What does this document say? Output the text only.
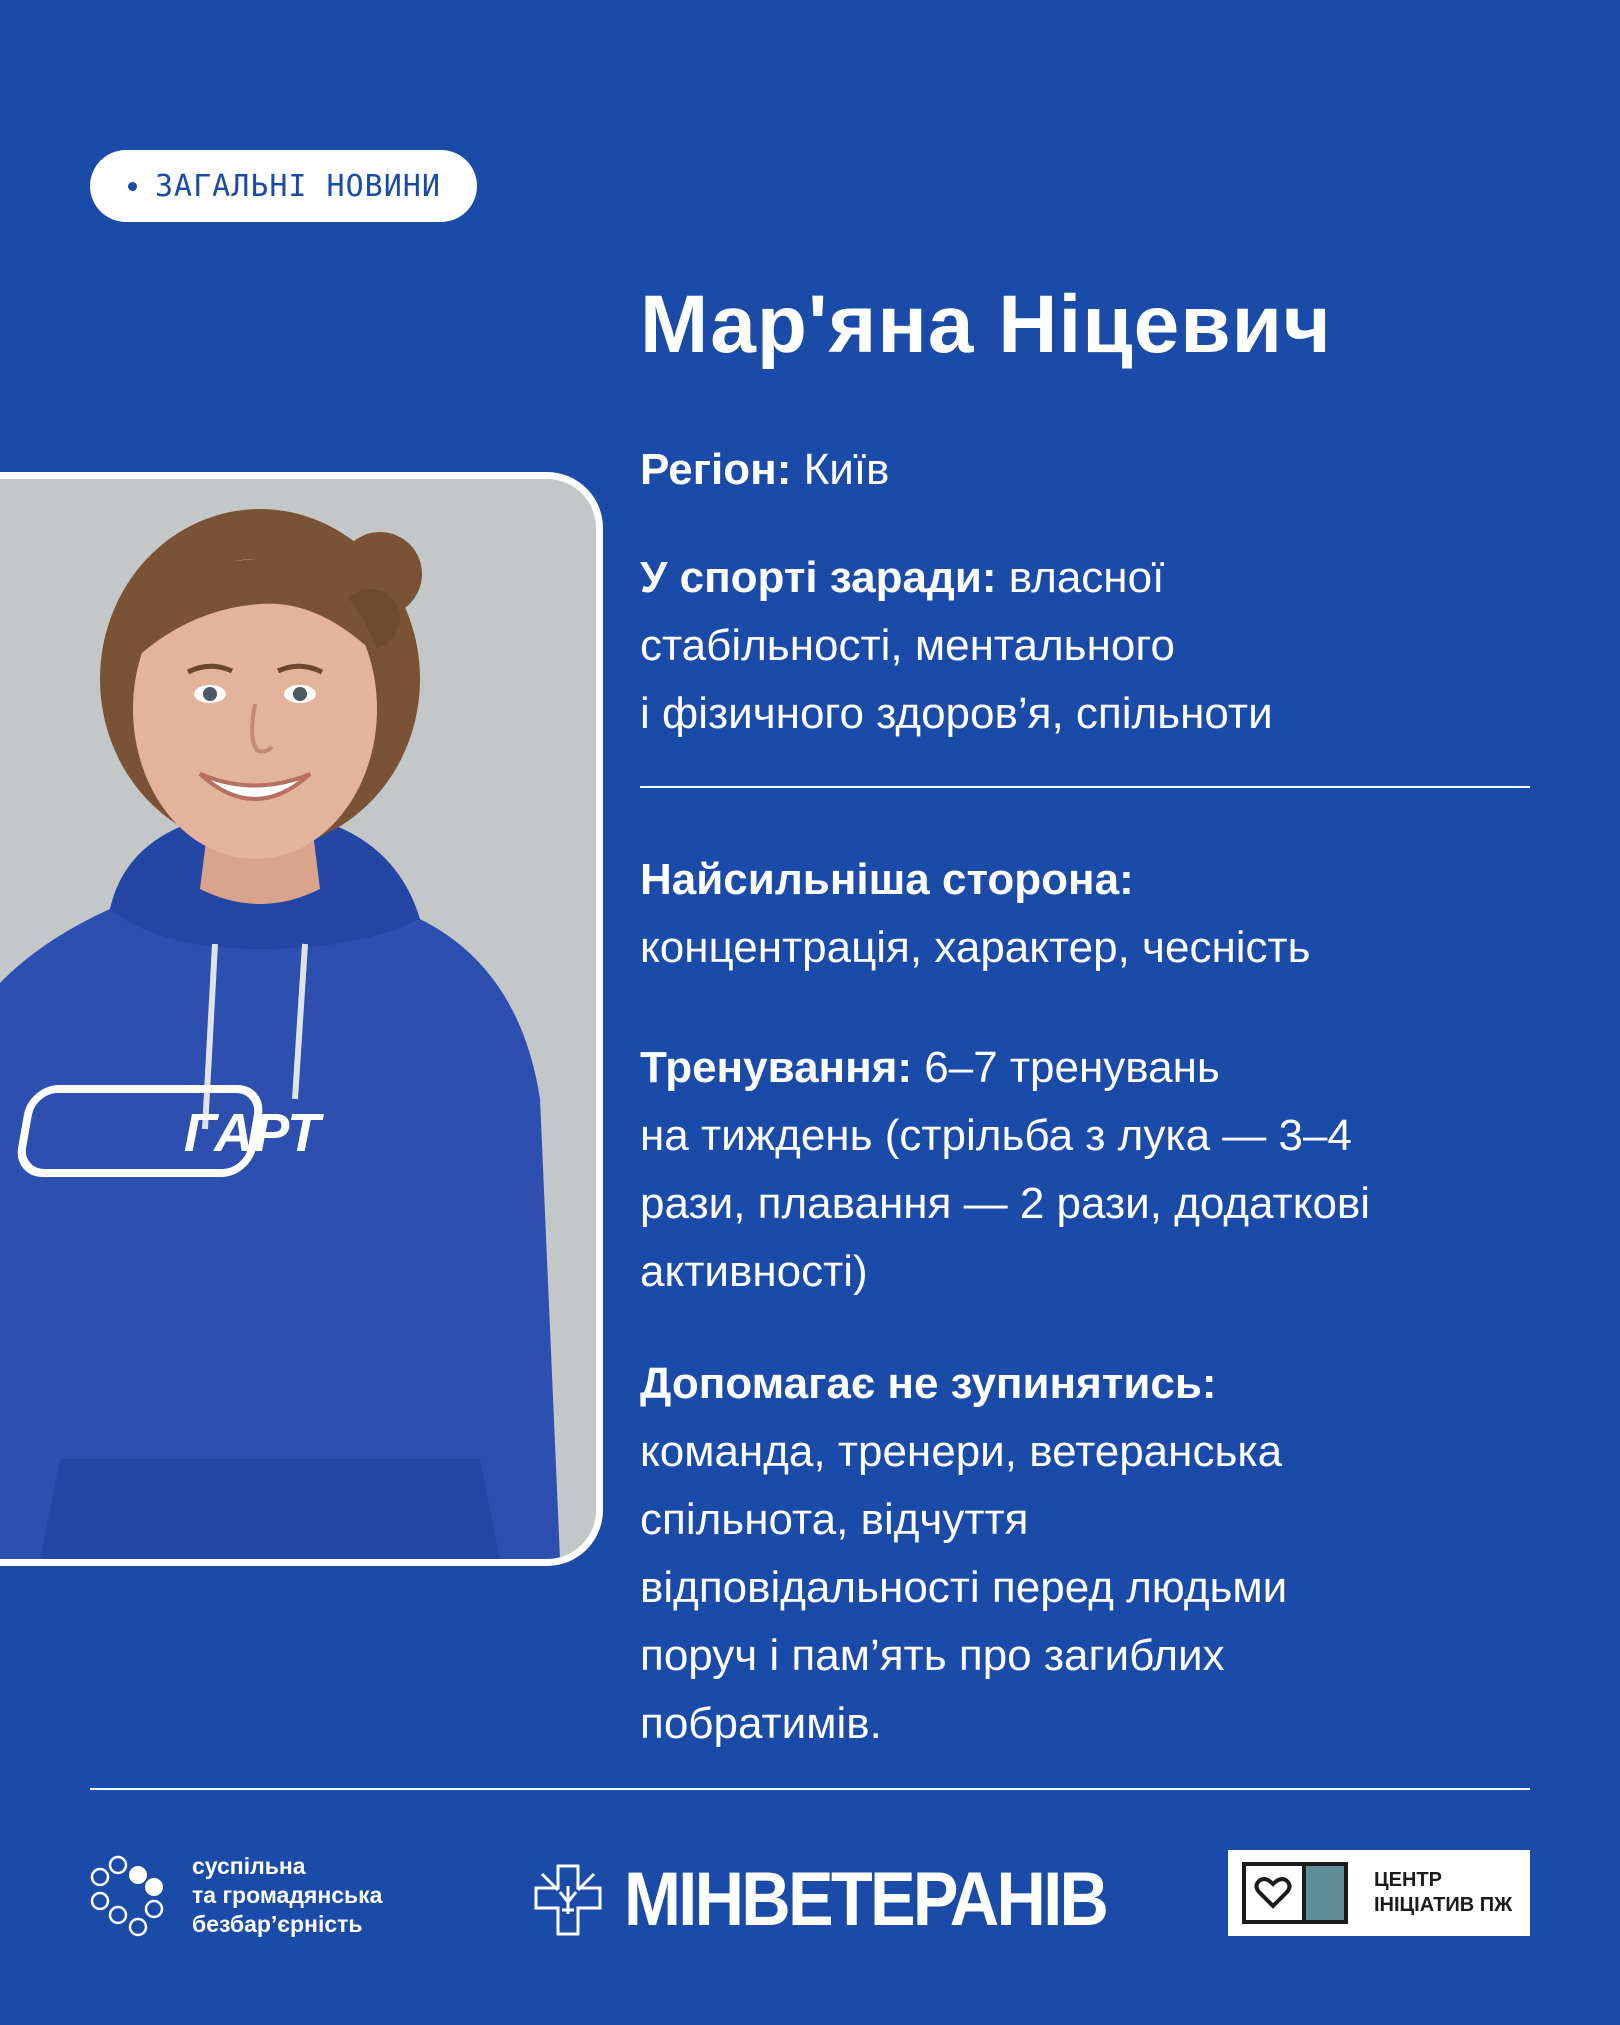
ЗАГАЛЬНІ НОВИНИ
Мар'яна Ніцевич

Регіон: Київ

У спорті заради: власної

стабільності, ментального

і фізичного здоров’я, спільноти

Найсильніша сторона:

концентрація, характер, чесність

Тренування: 6–7 тренувань

на тиждень (стрільба з лука — 3–4

рази, плавання — 2 рази, додаткові

активності)

Допомагає не зупинятись:

команда, тренери, ветеранська

спільнота, відчуття

відповідальності перед людьми

поруч і пам’ять про загиблих

побратимів.

ГАРТ
суспільна
та громадянська
безбар’єрність	МІНВЕТЕРАНІВ	ЦЕНТР
ІНІЦІАТИВ ПЖ
